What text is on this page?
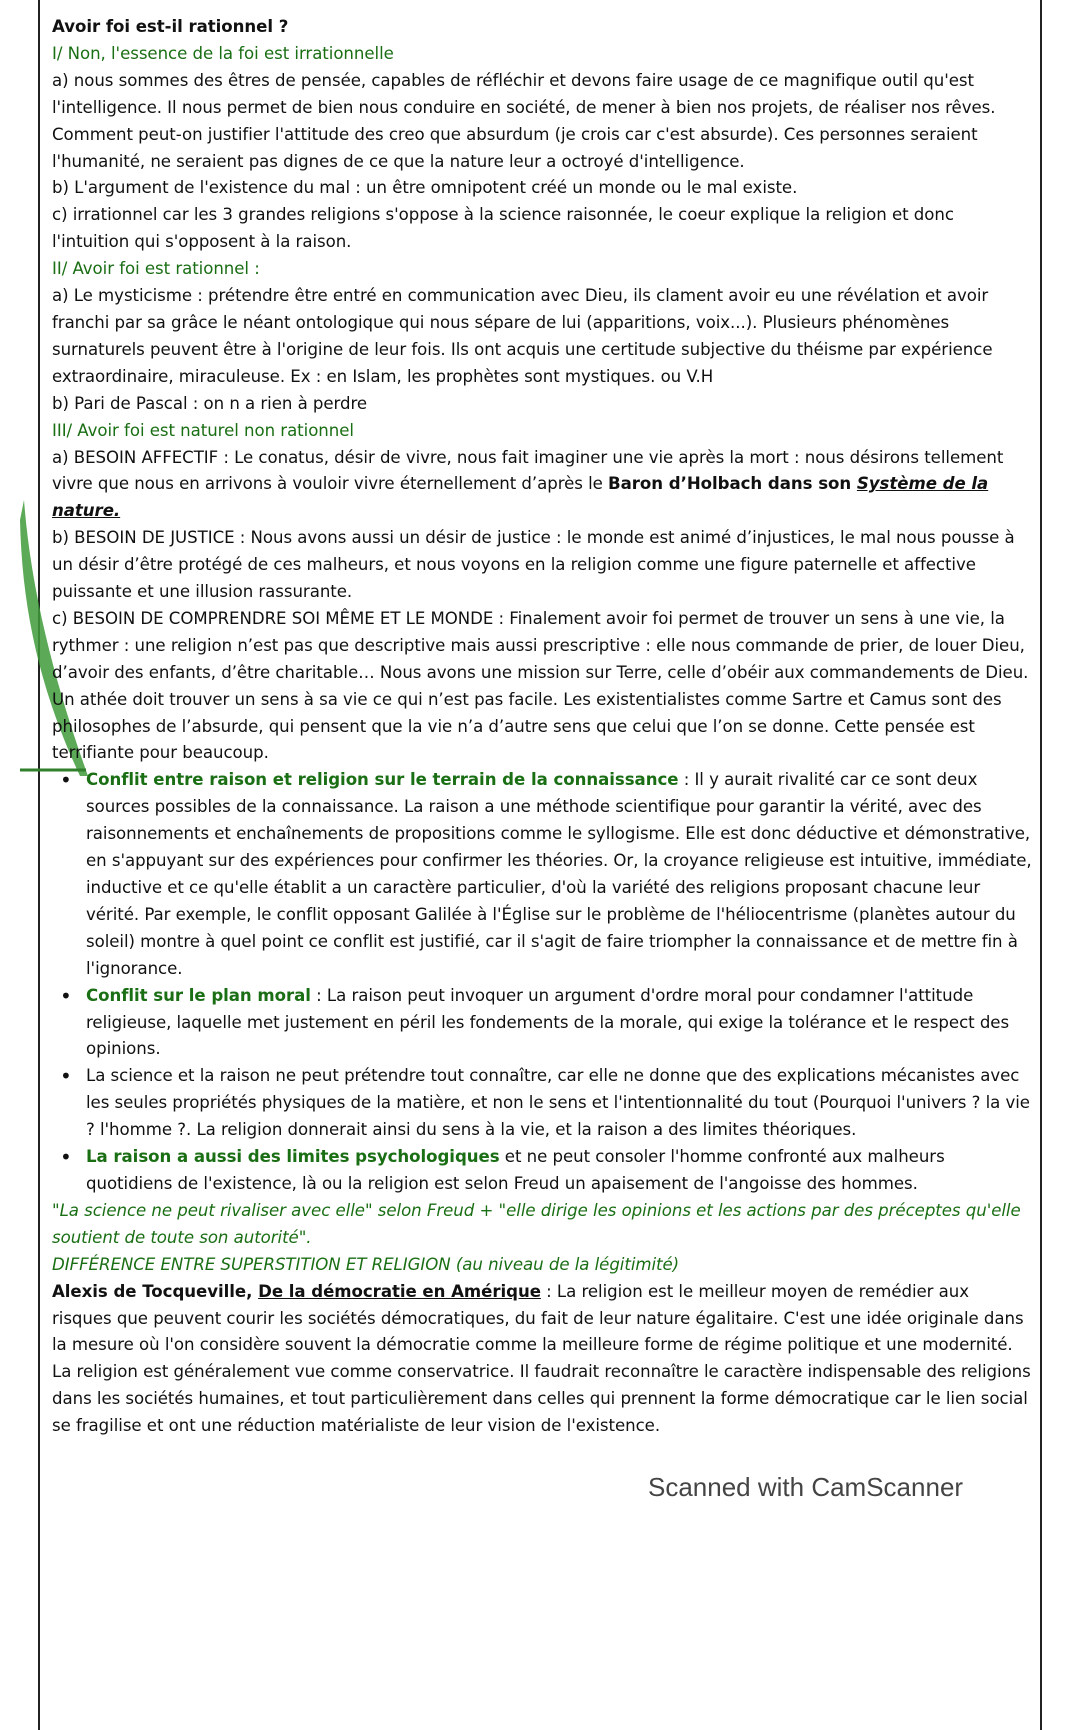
Avoir foi est-il rationnel ?

I/ Non, l'essence de la foi est irrationnelle

a) nous sommes des êtres de pensée, capables de réfléchir et devons faire usage de ce magnifique outil qu'est l'intelligence. Il nous permet de bien nous conduire en société, de mener à bien nos projets, de réaliser nos rêves. Comment peut-on justifier l'attitude des creo que absurdum (je crois car c'est absurde). Ces personnes seraient l'humanité, ne seraient pas dignes de ce que la nature leur a octroyé d'intelligence.

b) L'argument de l'existence du mal : un être omnipotent créé un monde ou le mal existe.

c) irrationnel car les 3 grandes religions s'oppose à la science raisonnée, le coeur explique la religion et donc l'intuition qui s'opposent à la raison.

II/ Avoir foi est rationnel :

a) Le mysticisme : prétendre être entré en communication avec Dieu, ils clament avoir eu une révélation et avoir franchi par sa grâce le néant ontologique qui nous sépare de lui (apparitions, voix...). Plusieurs phénomènes surnaturels peuvent être à l'origine de leur fois. Ils ont acquis une certitude subjective du théisme par expérience extraordinaire, miraculeuse. Ex : en Islam, les prophètes sont mystiques. ou V.H

b) Pari de Pascal : on n a rien à perdre

III/ Avoir foi est naturel non rationnel

a) BESOIN AFFECTIF : Le conatus, désir de vivre, nous fait imaginer une vie après la mort : nous désirons tellement vivre que nous en arrivons à vouloir vivre éternellement d’après le Baron d’Holbach dans son Système de la nature.

b) BESOIN DE JUSTICE : Nous avons aussi un désir de justice : le monde est animé d’injustices, le mal nous pousse à un désir d’être protégé de ces malheurs, et nous voyons en la religion comme une figure paternelle et affective puissante et une illusion rassurante.

c) BESOIN DE COMPRENDRE SOI MÊME ET LE MONDE : Finalement avoir foi permet de trouver un sens à une vie, la rythmer : une religion n’est pas que descriptive mais aussi prescriptive : elle nous commande de prier, de louer Dieu, d’avoir des enfants, d’être charitable… Nous avons une mission sur Terre, celle d’obéir aux commandements de Dieu. Un athée doit trouver un sens à sa vie ce qui n’est pas facile. Les existentialistes comme Sartre et Camus sont des philosophes de l’absurde, qui pensent que la vie n’a d’autre sens que celui que l’on se donne. Cette pensée est terrifiante pour beaucoup.

• Conflit entre raison et religion sur le terrain de la connaissance : Il y aurait rivalité car ce sont deux sources possibles de la connaissance. La raison a une méthode scientifique pour garantir la vérité, avec des raisonnements et enchaînements de propositions comme le syllogisme. Elle est donc déductive et démonstrative, en s'appuyant sur des expériences pour confirmer les théories. Or, la croyance religieuse est intuitive, immédiate, inductive et ce qu'elle établit a un caractère particulier, d'où la variété des religions proposant chacune leur vérité. Par exemple, le conflit opposant Galilée à l'Église sur le problème de l'héliocentrisme (planètes autour du soleil) montre à quel point ce conflit est justifié, car il s'agit de faire triompher la connaissance et de mettre fin à l'ignorance.
• Conflit sur le plan moral : La raison peut invoquer un argument d'ordre moral pour condamner l'attitude religieuse, laquelle met justement en péril les fondements de la morale, qui exige la tolérance et le respect des opinions.
• La science et la raison ne peut prétendre tout connaître, car elle ne donne que des explications mécanistes avec les seules propriétés physiques de la matière, et non le sens et l'intentionnalité du tout (Pourquoi l'univers ? la vie ? l'homme ?. La religion donnerait ainsi du sens à la vie, et la raison a des limites théoriques.
• La raison a aussi des limites psychologiques et ne peut consoler l'homme confronté aux malheurs quotidiens de l'existence, là ou la religion est selon Freud un apaisement de l'angoisse des hommes.

"La science ne peut rivaliser avec elle" selon Freud + "elle dirige les opinions et les actions par des préceptes qu'elle soutient de toute son autorité".

DIFFÉRENCE ENTRE SUPERSTITION ET RELIGION (au niveau de la légitimité)

Alexis de Tocqueville, De la démocratie en Amérique : La religion est le meilleur moyen de remédier aux risques que peuvent courir les sociétés démocratiques, du fait de leur nature égalitaire. C'est une idée originale dans la mesure où l'on considère souvent la démocratie comme la meilleure forme de régime politique et une modernité. La religion est généralement vue comme conservatrice. Il faudrait reconnaître le caractère indispensable des religions dans les sociétés humaines, et tout particulièrement dans celles qui prennent la forme démocratique car le lien social se fragilise et ont une réduction matérialiste de leur vision de l'existence.

Scanned with CamScanner
